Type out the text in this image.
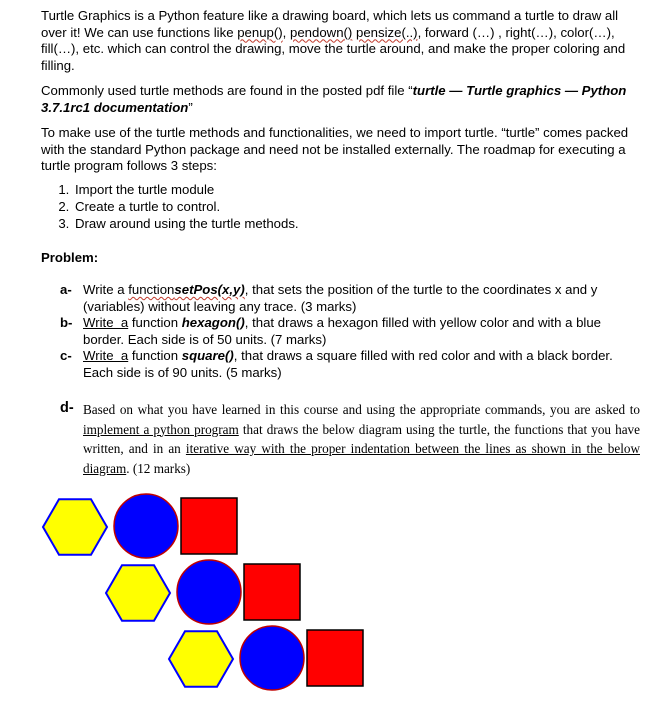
Turtle Graphics is a Python feature like a drawing board, which lets us command a turtle to draw all over it! We can use functions like penup(), pendown() pensize(..), forward (…) , right(…), color(…), fill(…), etc. which can control the drawing, move the turtle around, and make the proper coloring and filling.

Commonly used turtle methods are found in the posted pdf file “turtle — Turtle graphics — Python 3.7.1rc1 documentation”

To make use of the turtle methods and functionalities, we need to import turtle. “turtle” comes packed with the standard Python package and need not be installed externally. The roadmap for executing a turtle program follows 3 steps:

1. Import the turtle module
2. Create a turtle to control.
3. Draw around using the turtle methods.
Problem:
a- Write a functionsetPos(x,y), that sets the position of the turtle to the coordinates x and y (variables) without leaving any trace. (3 marks)
b- Write  a function hexagon(), that draws a hexagon filled with yellow color and with a blue border. Each side is of 50 units. (7 marks)
c- Write  a function square(), that draws a square filled with red color and with a black border. Each side is of 90 units. (5 marks)
d- Based on what you have learned in this course and using the appropriate commands, you are asked to implement a python program that draws the below diagram using the turtle, the functions that you have written, and in an iterative way with the proper indentation between the lines as shown in the below diagram. (12 marks)
